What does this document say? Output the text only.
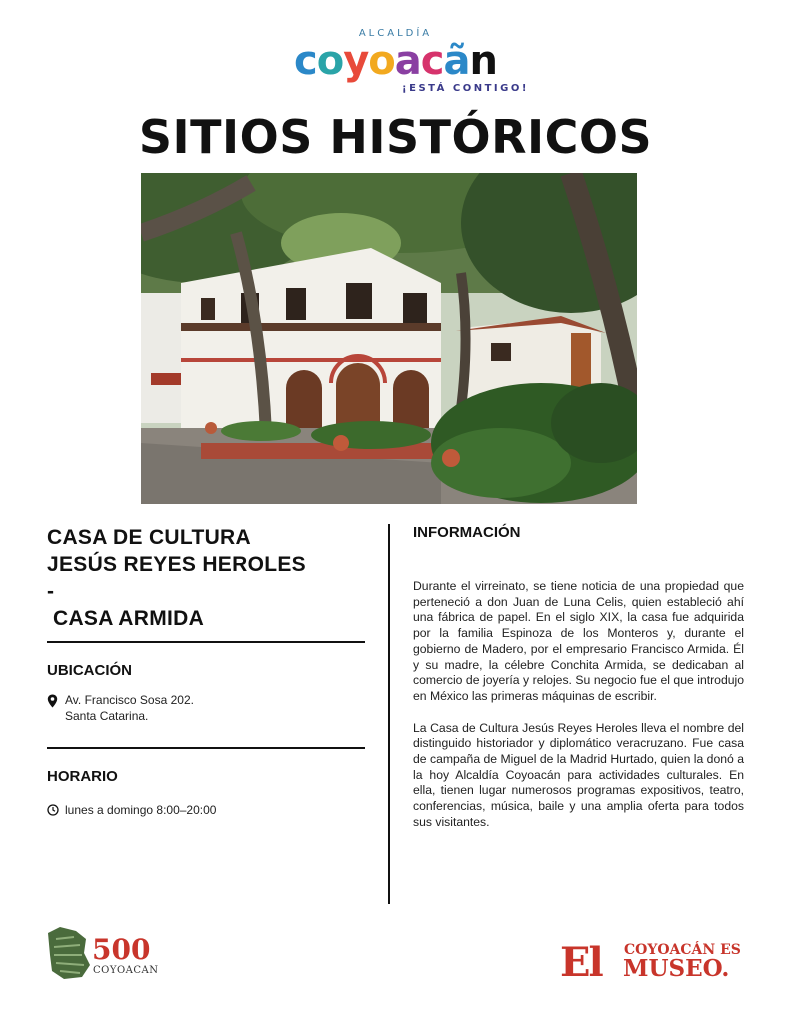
ALCALDÍA
coyoacãn
¡ESTÁ CONTIGO!
SITIOS HISTÓRICOS
CASA DE CULTURA
JESÚS REYES HEROLES
-
CASA ARMIDA
UBICACIÓN
Av. Francisco Sosa 202.
Santa Catarina.
HORARIO
lunes a domingo 8:00–20:00
INFORMACIÓN

Durante el virreinato, se tiene noticia de una propiedad que perteneció a don Juan de Luna Celis, quien estableció ahí una fábrica de papel. En el siglo XIX, la casa fue adquirida por la familia Espinoza de los Monteros y, durante el gobierno de Madero, por el empresario Francisco Armida. Él y su madre, la célebre Conchita Armida, se dedicaban al comercio de joyería y relojes. Su negocio fue el que introdujo en México las primeras máquinas de escribir.

La Casa de Cultura Jesús Reyes Heroles lleva el nombre del distinguido historiador y diplomático veracruzano. Fue casa de campaña de Miguel de la Madrid Hurtado, quien la donó a la hoy Alcaldía Coyoacán para actividades culturales. En ella, tienen lugar numerosos programas expositivos, teatro, conferencias, música, baile y una amplia oferta para todos sus visitantes.

500
COYOACAN	El COYOACÁN ES
MUSEO.
